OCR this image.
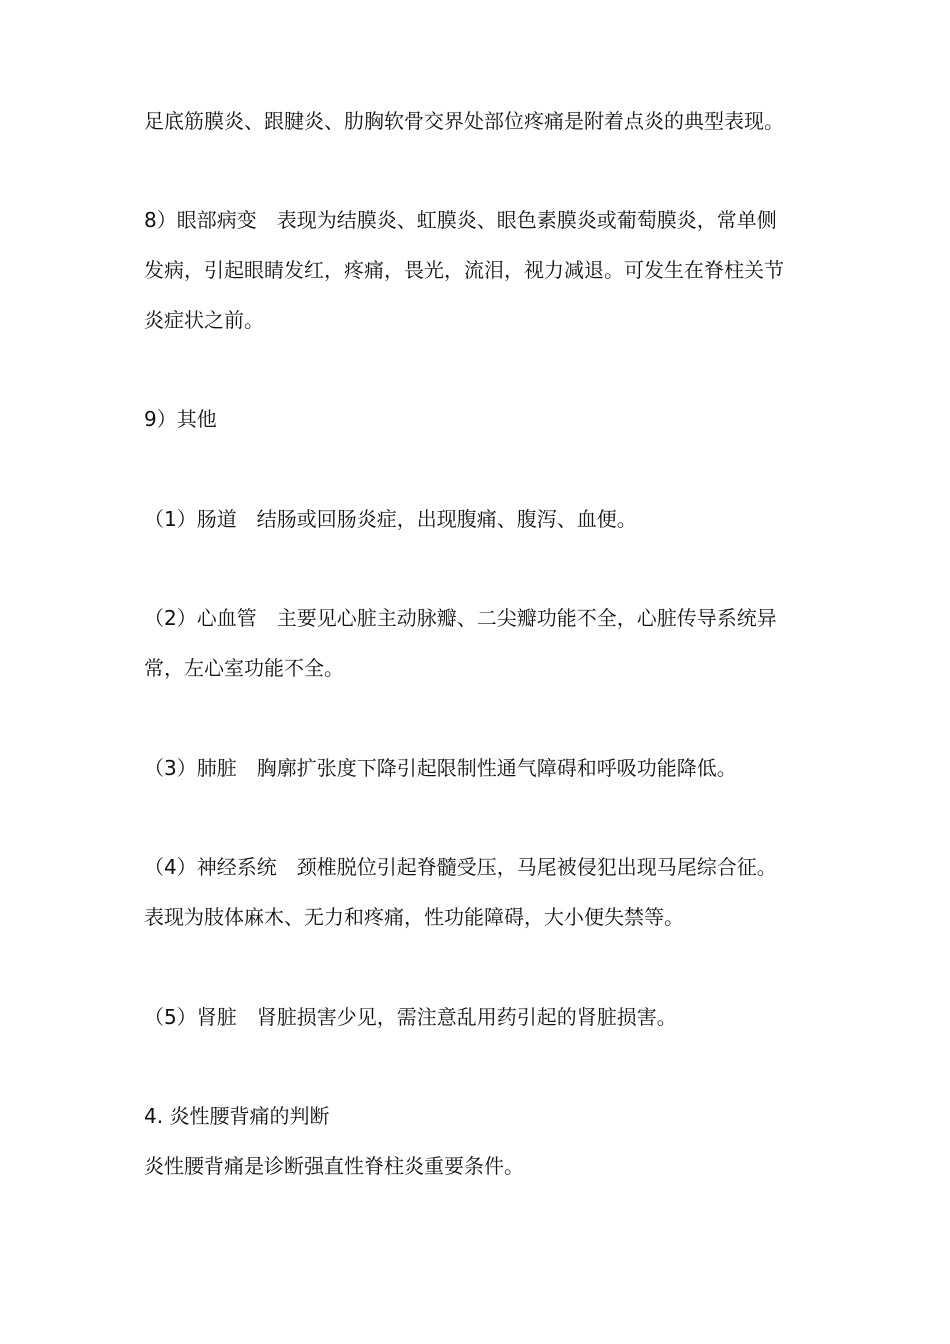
足底筋膜炎、跟腱炎、肋胸软骨交界处部位疼痛是附着点炎的典型表现。
8）眼部病变　表现为结膜炎、虹膜炎、眼色素膜炎或葡萄膜炎，常单侧
发病，引起眼睛发红，疼痛，畏光，流泪，视力减退。可发生在脊柱关节
炎症状之前。
9）其他
（1）肠道　结肠或回肠炎症，出现腹痛、腹泻、血便。
（2）心血管　主要见心脏主动脉瓣、二尖瓣功能不全，心脏传导系统异
常，左心室功能不全。
（3）肺脏　胸廓扩张度下降引起限制性通气障碍和呼吸功能降低。
（4）神经系统　颈椎脱位引起脊髓受压，马尾被侵犯出现马尾综合征。
表现为肢体麻木、无力和疼痛，性功能障碍，大小便失禁等。
（5）肾脏　肾脏损害少见，需注意乱用药引起的肾脏损害。
4. 炎性腰背痛的判断
炎性腰背痛是诊断强直性脊柱炎重要条件。
